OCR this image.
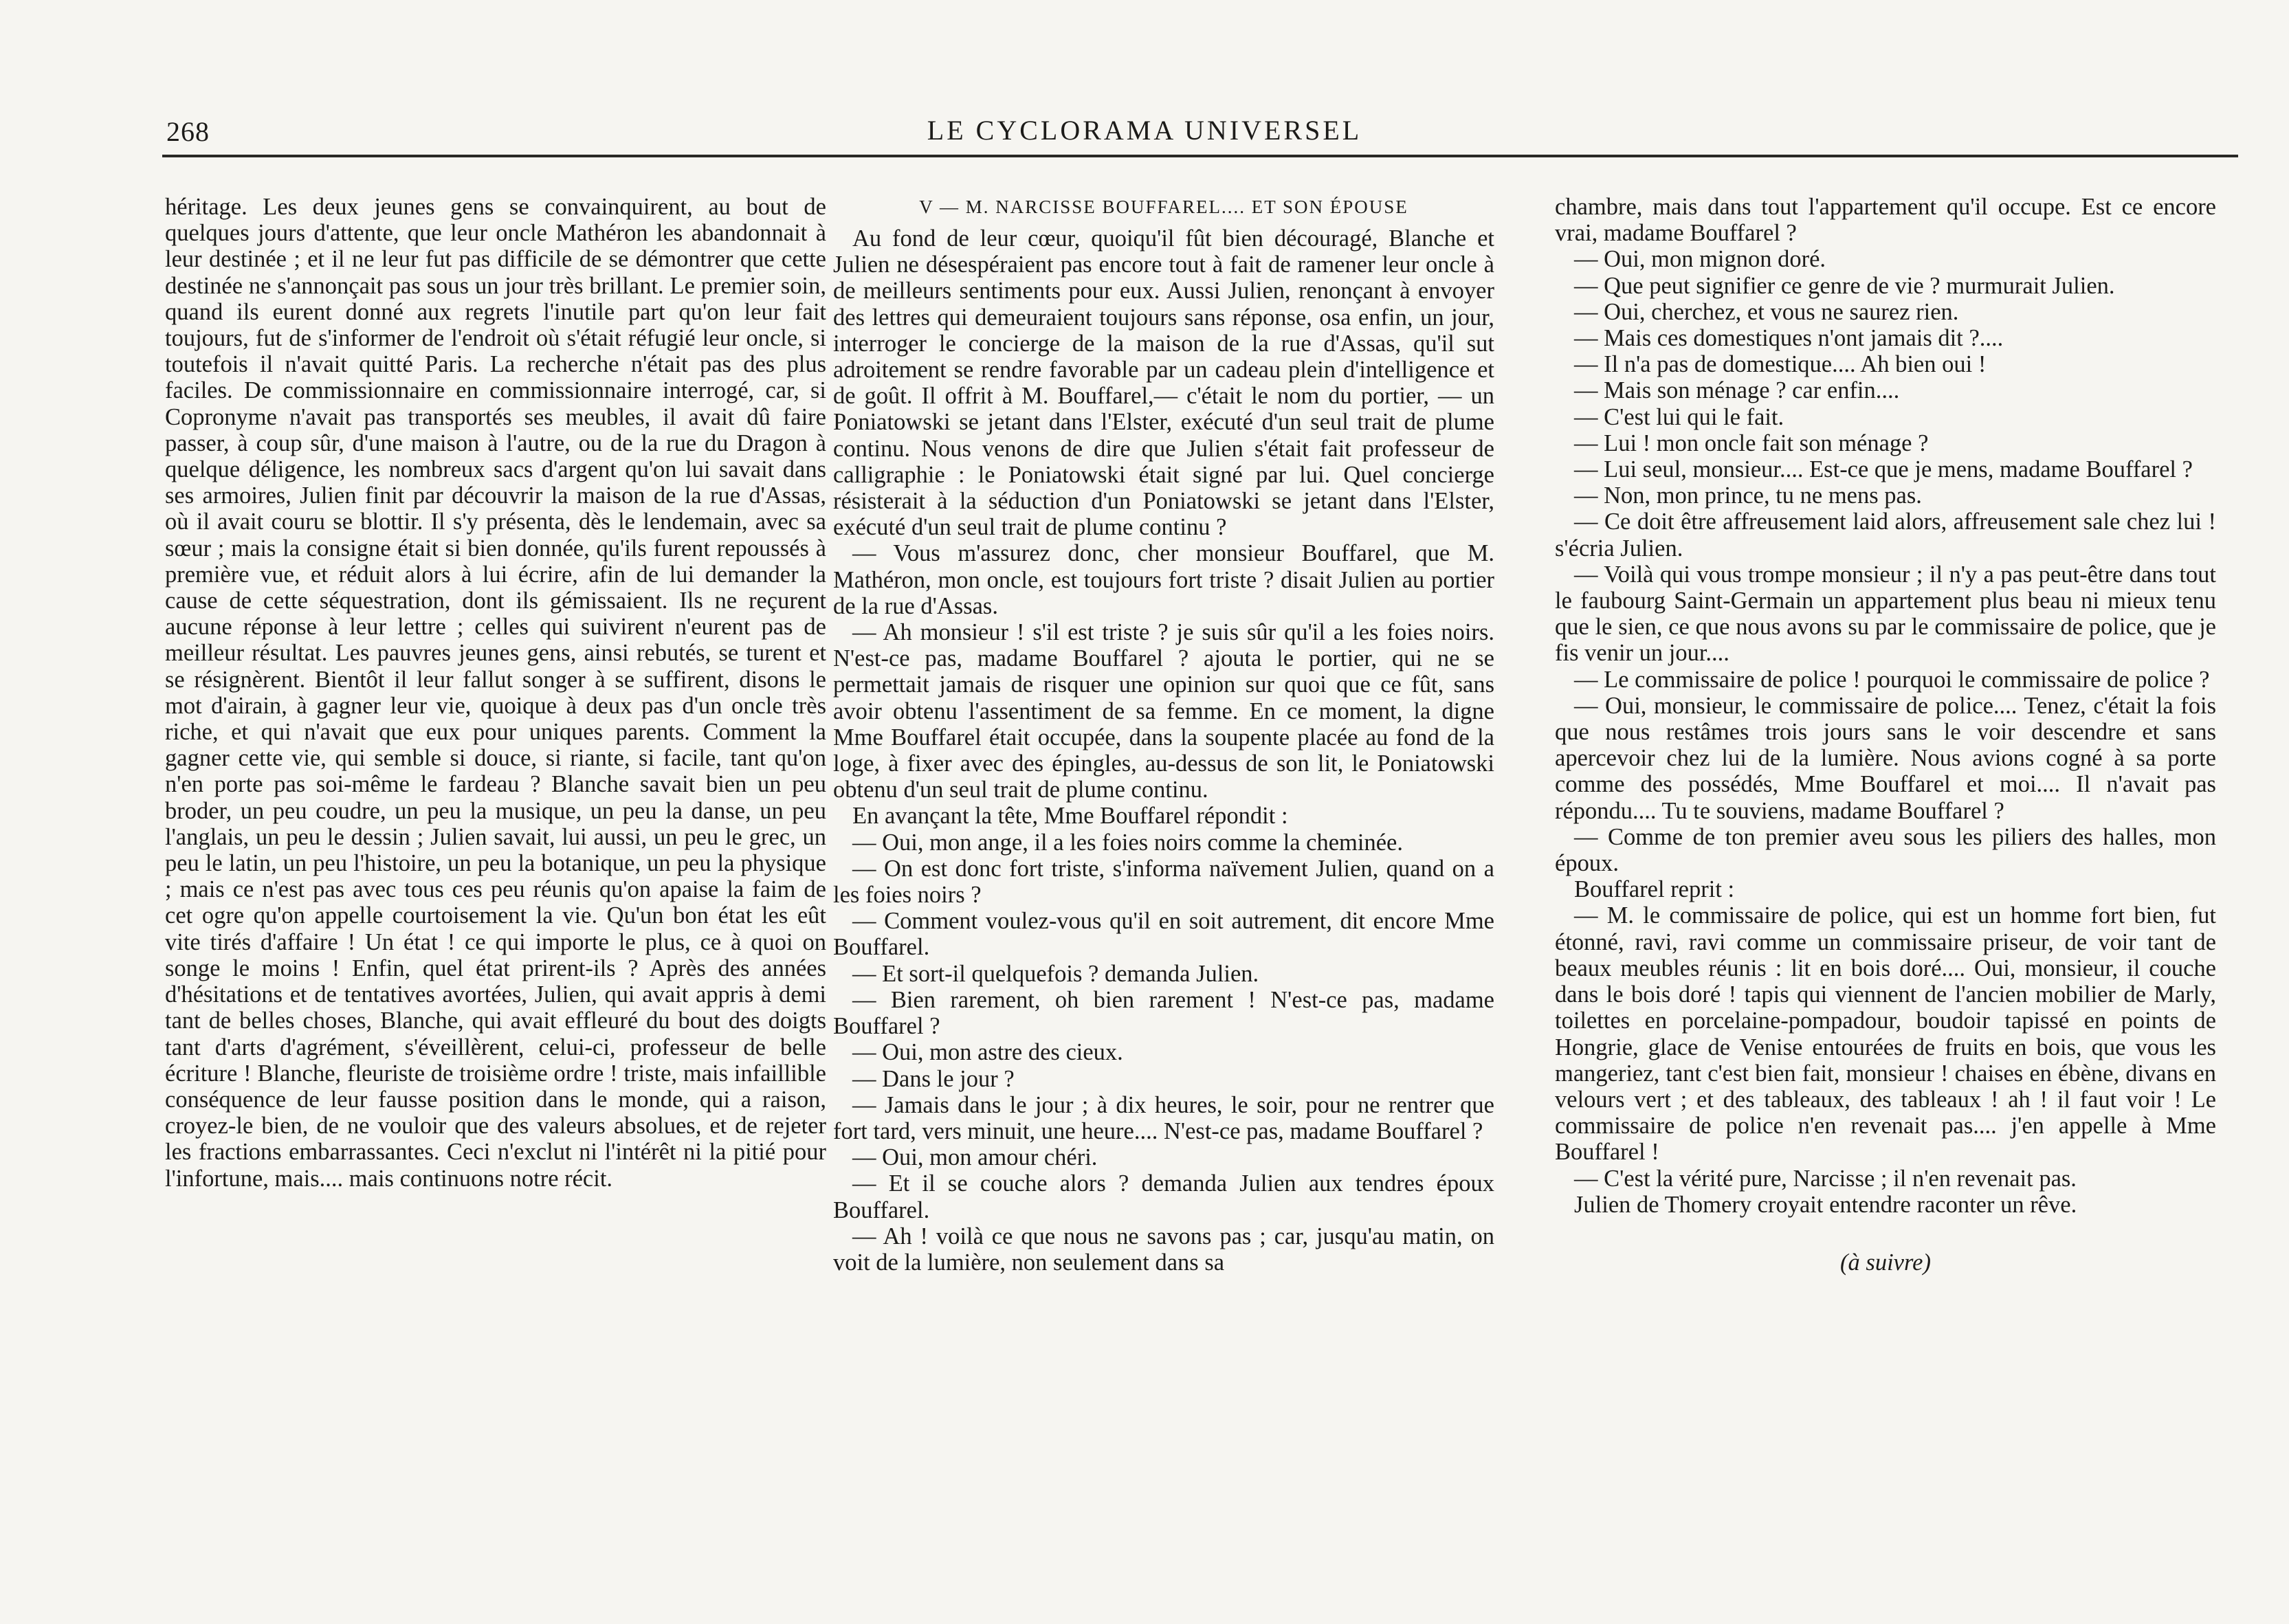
268	LE CYCLORAMA UNIVERSEL

héritage. Les deux jeunes gens se convainquirent, au bout de quelques jours d'attente, que leur oncle Mathéron les abandonnait à leur destinée ; et il ne leur fut pas difficile de se démontrer que cette destinée ne s'annonçait pas sous un jour très brillant. Le premier soin, quand ils eurent donné aux regrets l'inutile part qu'on leur fait toujours, fut de s'informer de l'endroit où s'était réfugié leur oncle, si toutefois il n'avait quitté Paris. La recherche n'était pas des plus faciles. De commissionnaire en commissionnaire interrogé, car, si Copronyme n'avait pas transportés ses meubles, il avait dû faire passer, à coup sûr, d'une maison à l'autre, ou de la rue du Dragon à quelque déligence, les nombreux sacs d'argent qu'on lui savait dans ses armoires, Julien finit par découvrir la maison de la rue d'Assas, où il avait couru se blottir. Il s'y présenta, dès le lendemain, avec sa sœur ; mais la consigne était si bien donnée, qu'ils furent repoussés à première vue, et réduit alors à lui écrire, afin de lui demander la cause de cette séquestration, dont ils gémissaient. Ils ne reçurent aucune réponse à leur lettre ; celles qui suivirent n'eurent pas de meilleur résultat. Les pauvres jeunes gens, ainsi rebutés, se turent et se résignèrent. Bientôt il leur fallut songer à se suffirent, disons le mot d'airain, à gagner leur vie, quoique à deux pas d'un oncle très riche, et qui n'avait que eux pour uniques parents. Comment la gagner cette vie, qui semble si douce, si riante, si facile, tant qu'on n'en porte pas soi-même le fardeau ? Blanche savait bien un peu broder, un peu coudre, un peu la musique, un peu la danse, un peu l'anglais, un peu le dessin ; Julien savait, lui aussi, un peu le grec, un peu le latin, un peu l'histoire, un peu la botanique, un peu la physique ; mais ce n'est pas avec tous ces peu réunis qu'on apaise la faim de cet ogre qu'on appelle courtoisement la vie. Qu'un bon état les eût vite tirés d'affaire ! Un état ! ce qui importe le plus, ce à quoi on songe le moins ! Enfin, quel état prirent-ils ? Après des années d'hésitations et de tentatives avortées, Julien, qui avait appris à demi tant de belles choses, Blanche, qui avait effleuré du bout des doigts tant d'arts d'agrément, s'éveillèrent, celui-ci, professeur de belle écriture ! Blanche, fleuriste de troisième ordre ! triste, mais infaillible conséquence de leur fausse position dans le monde, qui a raison, croyez-le bien, de ne vouloir que des valeurs absolues, et de rejeter les fractions embarrassantes. Ceci n'exclut ni l'intérêt ni la pitié pour l'infortune, mais.... mais continuons notre récit.

V — M. NARCISSE BOUFFAREL.... ET SON ÉPOUSE

Au fond de leur cœur, quoiqu'il fût bien découragé, Blanche et Julien ne désespéraient pas encore tout à fait de ramener leur oncle à de meilleurs sentiments pour eux. Aussi Julien, renonçant à envoyer des lettres qui demeuraient toujours sans réponse, osa enfin, un jour, interroger le concierge de la maison de la rue d'Assas, qu'il sut adroitement se rendre favorable par un cadeau plein d'intelligence et de goût. Il offrit à M. Bouffarel,— c'était le nom du portier, — un Poniatowski se jetant dans l'Elster, exécuté d'un seul trait de plume continu. Nous venons de dire que Julien s'était fait professeur de calligraphie : le Poniatowski était signé par lui. Quel concierge résisterait à la séduction d'un Poniatowski se jetant dans l'Elster, exécuté d'un seul trait de plume continu ?

— Vous m'assurez donc, cher monsieur Bouffarel, que M. Mathéron, mon oncle, est toujours fort triste ? disait Julien au portier de la rue d'Assas.

— Ah monsieur ! s'il est triste ? je suis sûr qu'il a les foies noirs. N'est-ce pas, madame Bouffarel ? ajouta le portier, qui ne se permettait jamais de risquer une opinion sur quoi que ce fût, sans avoir obtenu l'assentiment de sa femme. En ce moment, la digne Mme Bouffarel était occupée, dans la soupente placée au fond de la loge, à fixer avec des épingles, au-dessus de son lit, le Poniatowski obtenu d'un seul trait de plume continu.

En avançant la tête, Mme Bouffarel répondit :

— Oui, mon ange, il a les foies noirs comme la cheminée.

— On est donc fort triste, s'informa naïvement Julien, quand on a les foies noirs ?

— Comment voulez-vous qu'il en soit autrement, dit encore Mme Bouffarel.

— Et sort-il quelquefois ? demanda Julien.

— Bien rarement, oh bien rarement ! N'est-ce pas, madame Bouffarel ?

— Oui, mon astre des cieux.

— Dans le jour ?

— Jamais dans le jour ; à dix heures, le soir, pour ne rentrer que fort tard, vers minuit, une heure.... N'est-ce pas, madame Bouffarel ?

— Oui, mon amour chéri.

— Et il se couche alors ? demanda Julien aux tendres époux Bouffarel.

— Ah ! voilà ce que nous ne savons pas ; car, jusqu'au matin, on voit de la lumière, non seulement dans sa

chambre, mais dans tout l'appartement qu'il occupe. Est ce encore vrai, madame Bouffarel ?

— Oui, mon mignon doré.

— Que peut signifier ce genre de vie ? murmurait Julien.

— Oui, cherchez, et vous ne saurez rien.

— Mais ces domestiques n'ont jamais dit ?....

— Il n'a pas de domestique.... Ah bien oui !

— Mais son ménage ? car enfin....

— C'est lui qui le fait.

— Lui ! mon oncle fait son ménage ?

— Lui seul, monsieur.... Est-ce que je mens, madame Bouffarel ?

— Non, mon prince, tu ne mens pas.

— Ce doit être affreusement laid alors, affreusement sale chez lui ! s'écria Julien.

— Voilà qui vous trompe monsieur ; il n'y a pas peut-être dans tout le faubourg Saint-Germain un appartement plus beau ni mieux tenu que le sien, ce que nous avons su par le commissaire de police, que je fis venir un jour....

— Le commissaire de police ! pourquoi le commissaire de police ?

— Oui, monsieur, le commissaire de police.... Tenez, c'était la fois que nous restâmes trois jours sans le voir descendre et sans apercevoir chez lui de la lumière. Nous avions cogné à sa porte comme des possédés, Mme Bouffarel et moi.... Il n'avait pas répondu.... Tu te souviens, madame Bouffarel ?

— Comme de ton premier aveu sous les piliers des halles, mon époux.

Bouffarel reprit :

— M. le commissaire de police, qui est un homme fort bien, fut étonné, ravi, ravi comme un commissaire priseur, de voir tant de beaux meubles réunis : lit en bois doré.... Oui, monsieur, il couche dans le bois doré ! tapis qui viennent de l'ancien mobilier de Marly, toilettes en porcelaine-pompadour, boudoir tapissé en points de Hongrie, glace de Venise entourées de fruits en bois, que vous les mangeriez, tant c'est bien fait, monsieur ! chaises en ébène, divans en velours vert ; et des tableaux, des tableaux ! ah ! il faut voir ! Le commissaire de police n'en revenait pas.... j'en appelle à Mme Bouffarel !

— C'est la vérité pure, Narcisse ; il n'en revenait pas.

Julien de Thomery croyait entendre raconter un rêve.

(à suivre)
